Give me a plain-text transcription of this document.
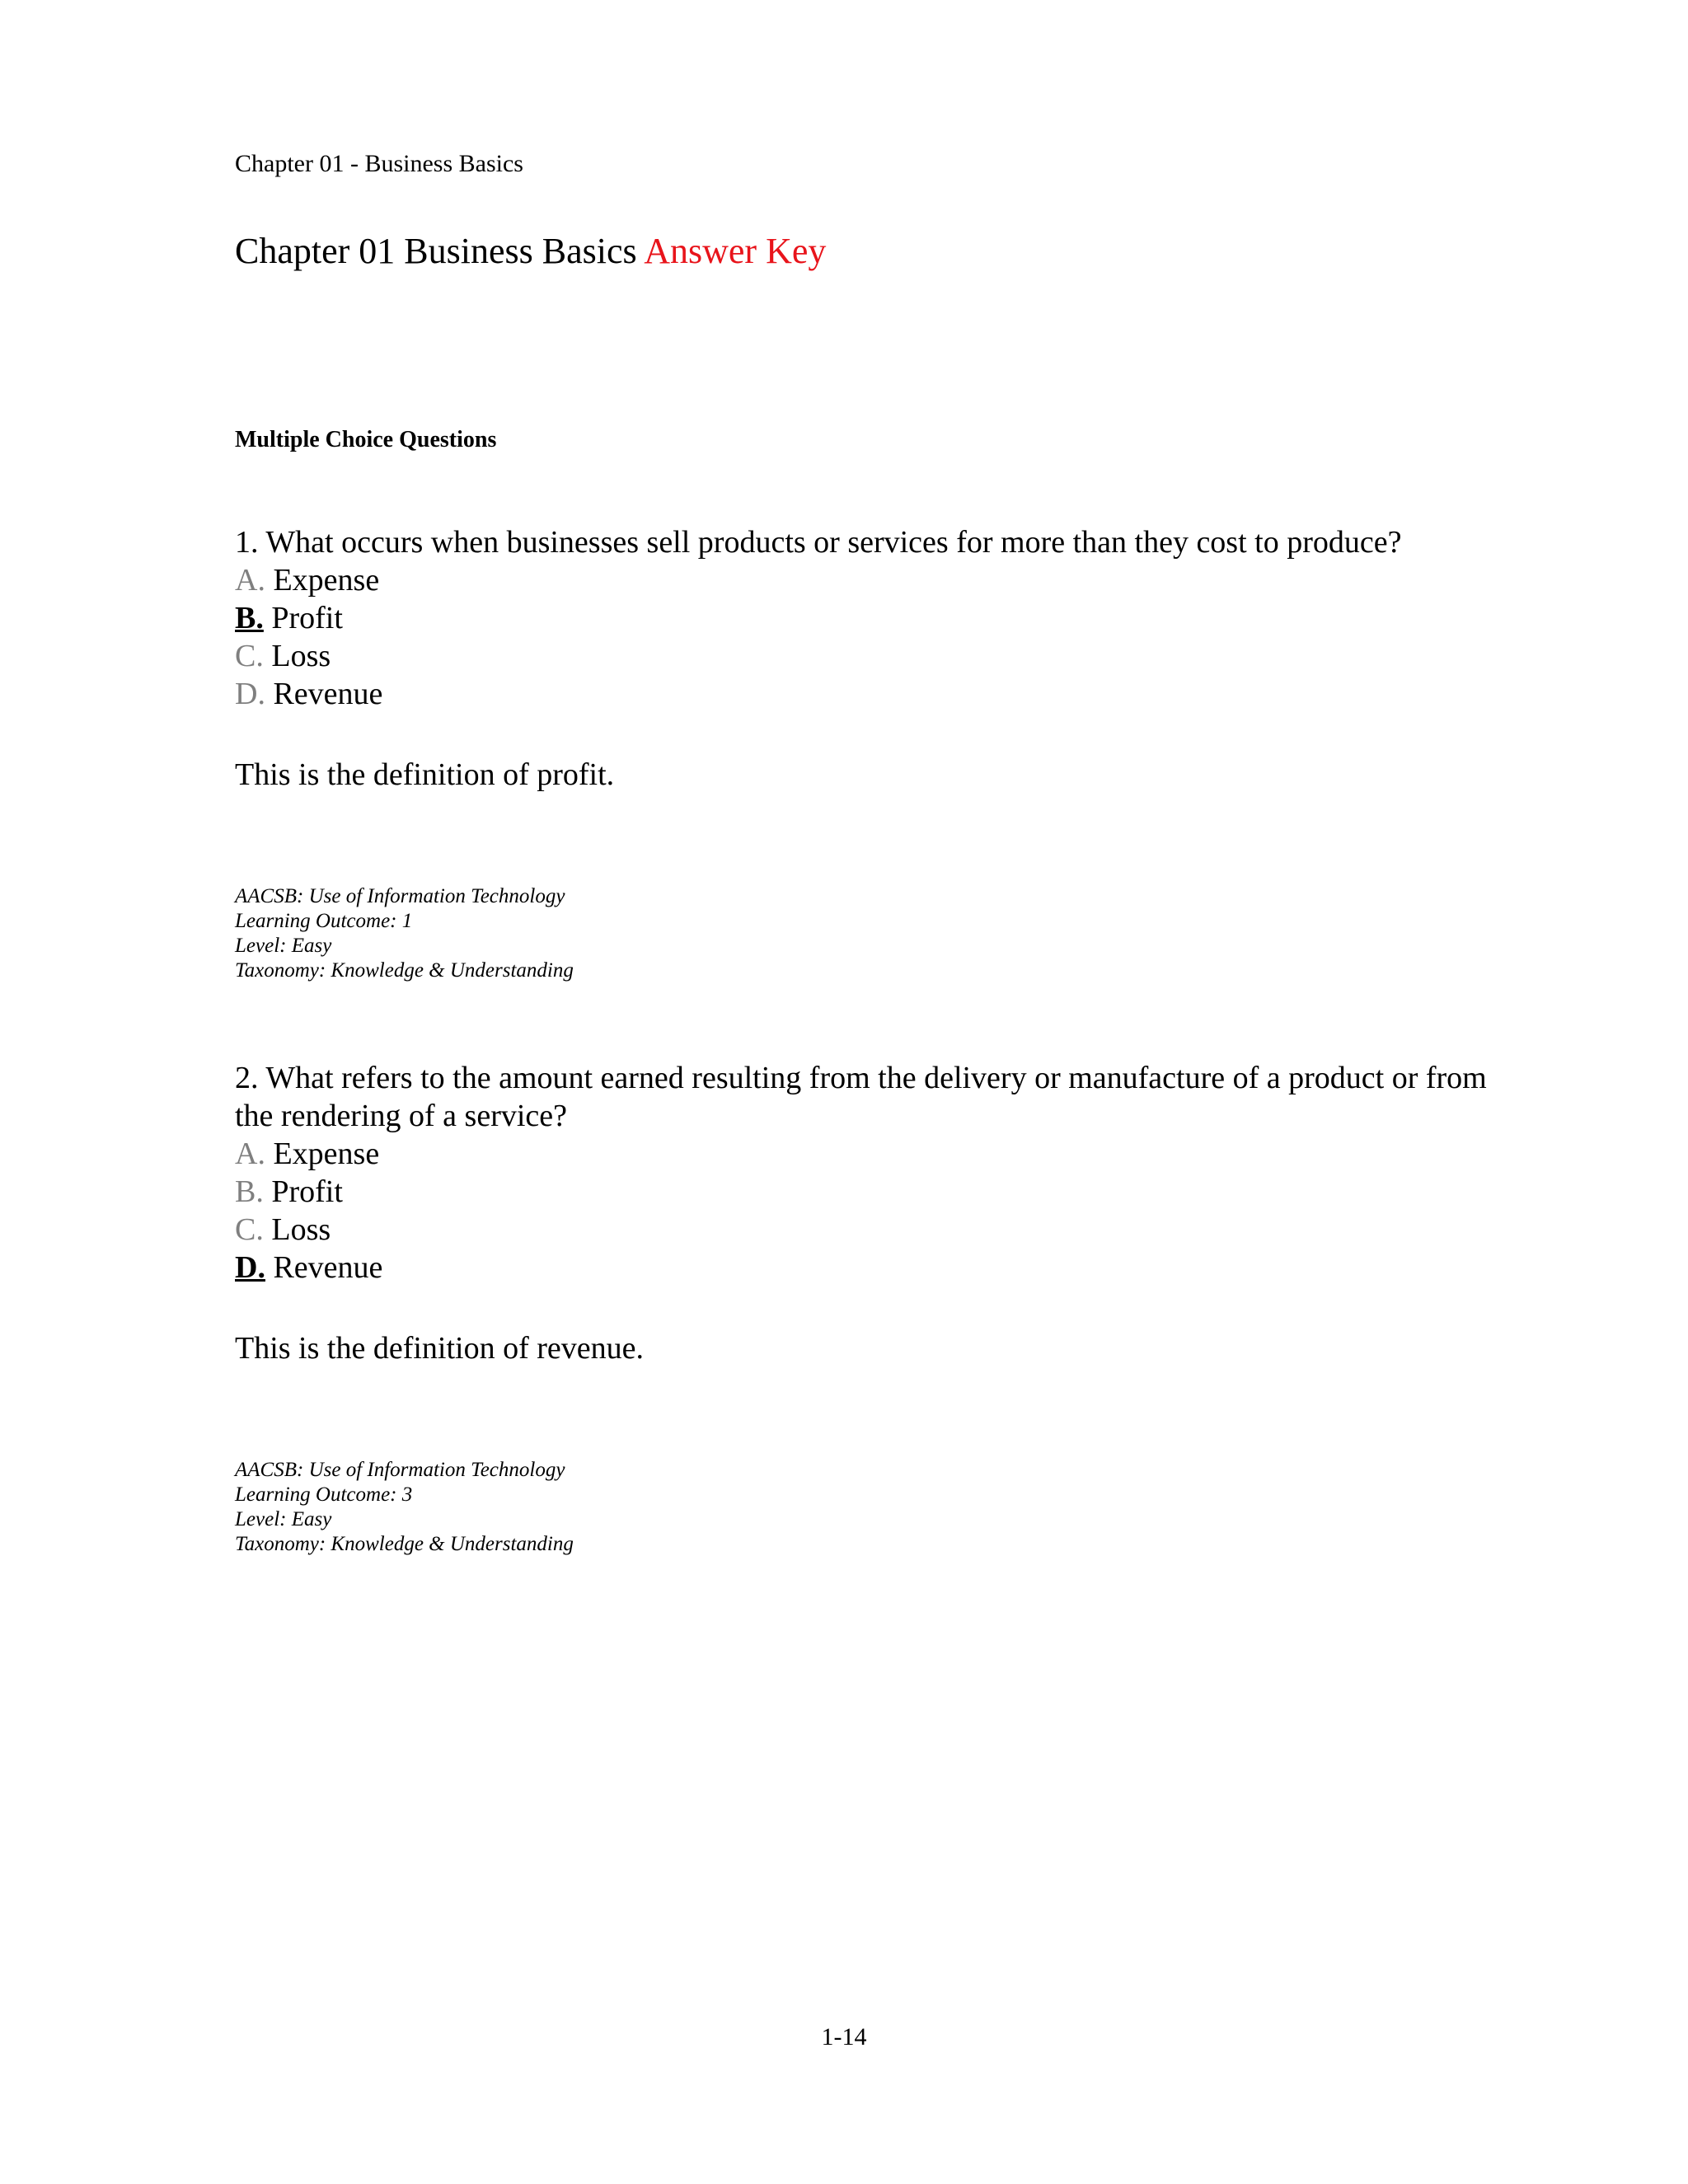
Chapter 01 - Business Basics
Chapter 01 Business Basics Answer Key
Multiple Choice Questions

1. What occurs when businesses sell products or services for more than they cost to produce?

A. Expense
B. Profit
C. Loss
D. Revenue
This is the definition of profit.
AACSB: Use of Information Technology
Learning Outcome: 1
Level: Easy
Taxonomy: Knowledge & Understanding

2. What refers to the amount earned resulting from the delivery or manufacture of a product or from the rendering of a service?

A. Expense
B. Profit
C. Loss
D. Revenue
This is the definition of revenue.
AACSB: Use of Information Technology
Learning Outcome: 3
Level: Easy
Taxonomy: Knowledge & Understanding
1-14
